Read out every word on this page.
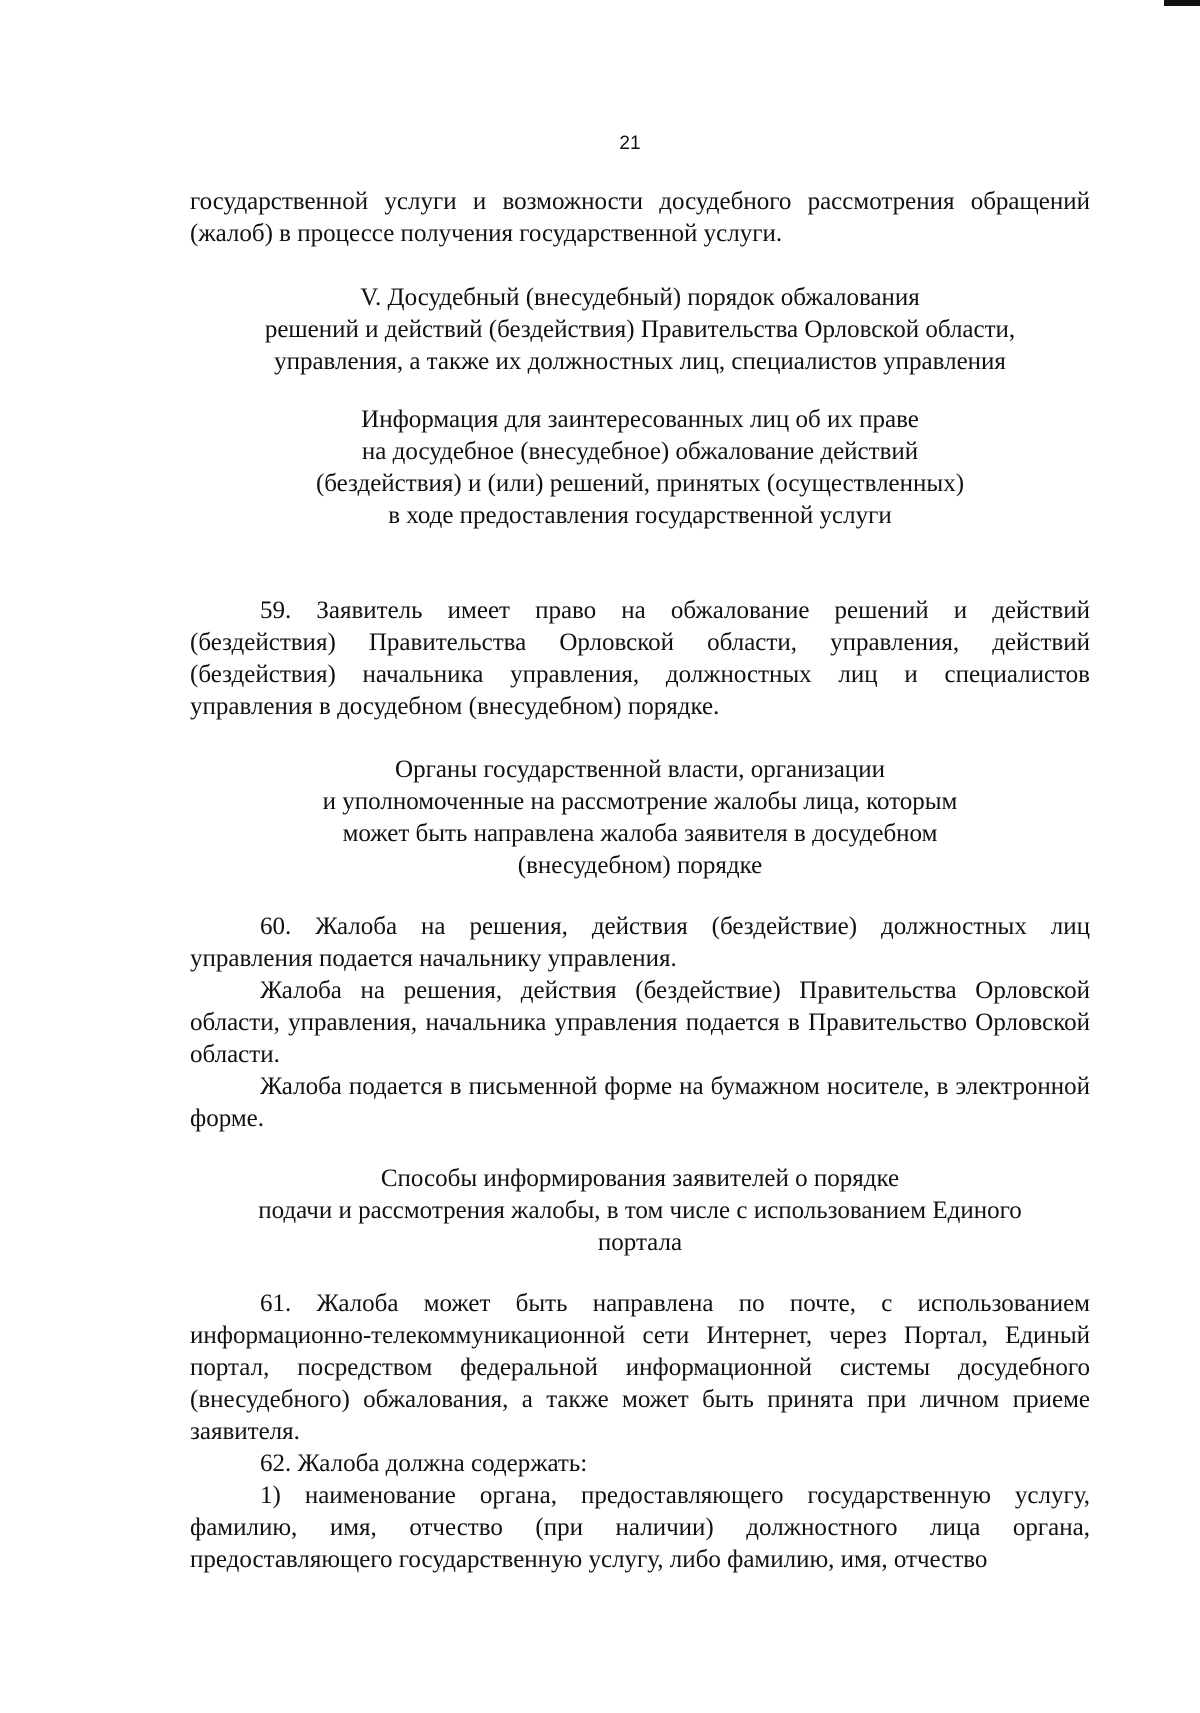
21

государственной услуги и возможности досудебного рассмотрения обращений (жалоб) в процессе получения государственной услуги.

V. Досудебный (внесудебный) порядок обжалования
решений и действий (бездействия) Правительства Орловской области,
управления, а также их должностных лиц, специалистов управления
Информация для заинтересованных лиц об их праве
на досудебное (внесудебное) обжалование действий
(бездействия) и (или) решений, принятых (осуществленных)
в ходе предоставления государственной услуги

59. Заявитель имеет право на обжалование решений и действий (бездействия) Правительства Орловской области, управления, действий (бездействия) начальника управления, должностных лиц и специалистов управления в досудебном (внесудебном) порядке.

Органы государственной власти, организации
и уполномоченные на рассмотрение жалобы лица, которым
может быть направлена жалоба заявителя в досудебном
(внесудебном) порядке

60. Жалоба на решения, действия (бездействие) должностных лиц управления подается начальнику управления.

Жалоба на решения, действия (бездействие) Правительства Орловской области, управления, начальника управления подается в Правительство Орловской области.

Жалоба подается в письменной форме на бумажном носителе, в электронной форме.

Способы информирования заявителей о порядке
подачи и рассмотрения жалобы, в том числе с использованием Единого
портала

61. Жалоба может быть направлена по почте, с использованием информационно-телекоммуникационной сети Интернет, через Портал, Единый портал, посредством федеральной информационной системы досудебного (внесудебного) обжалования, а также может быть принята при личном приеме заявителя.

62. Жалоба должна содержать:

1) наименование органа, предоставляющего государственную услугу, фамилию, имя, отчество (при наличии) должностного лица органа, предоставляющего государственную услугу, либо фамилию, имя, отчество
